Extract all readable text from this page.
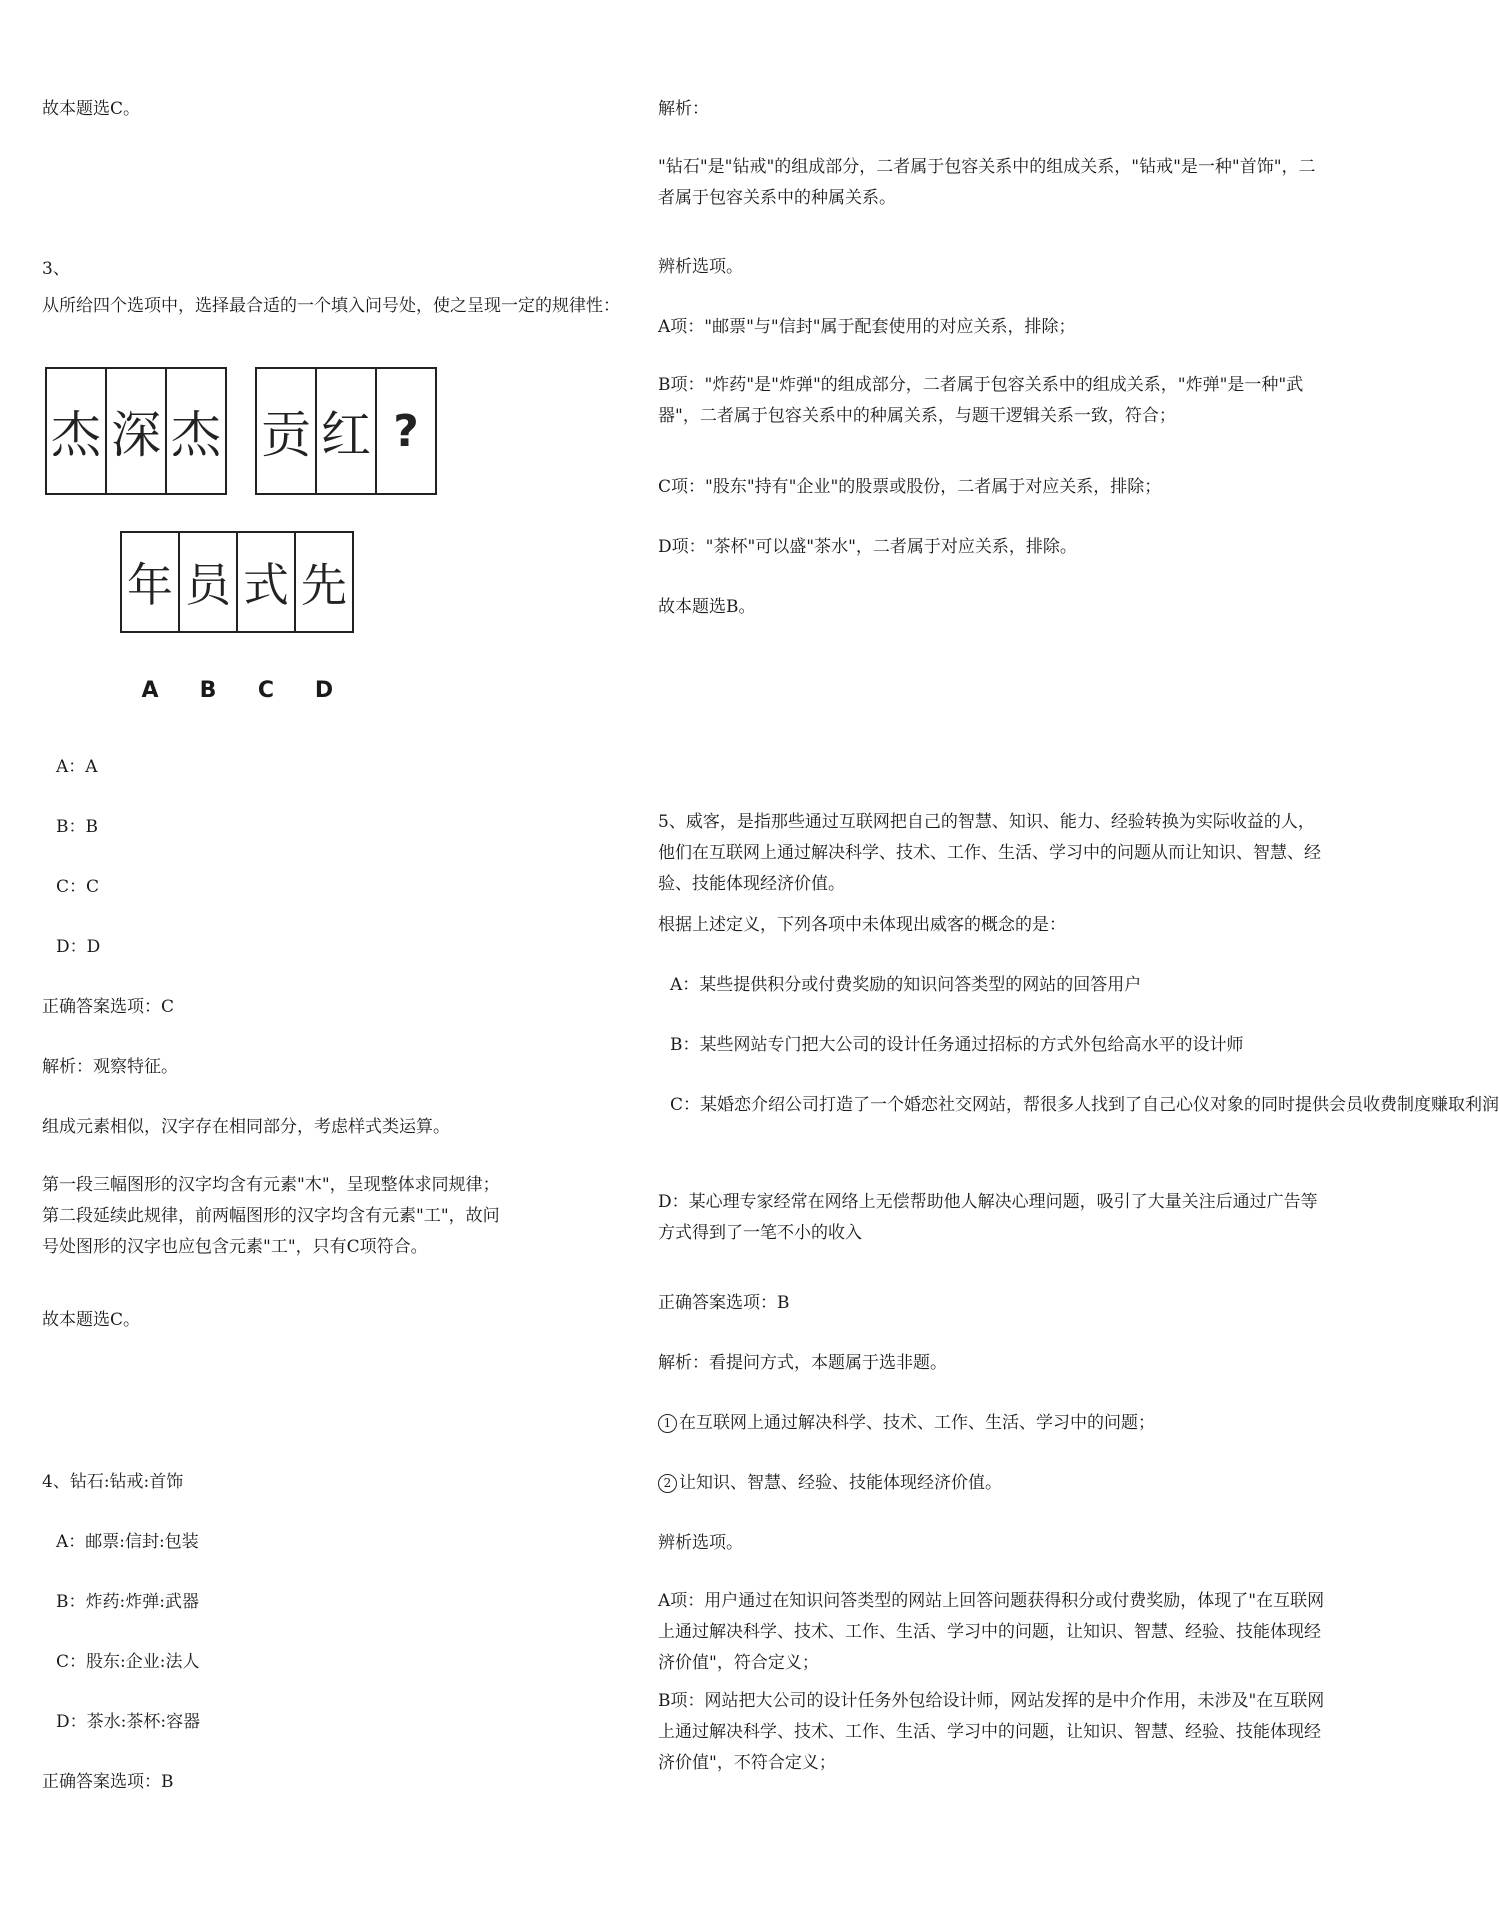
故本题选C。
3、
从所给四个选项中，选择最合适的一个填入问号处，使之呈现一定的规律性：
杰 深 杰 贡 红 ?
年 员 式 先
A	B	C	D
A：A
B：B
C：C
D：D
正确答案选项：C
解析：观察特征。
组成元素相似，汉字存在相同部分，考虑样式类运算。
第一段三幅图形的汉字均含有元素"木"，呈现整体求同规律；第二段延续此规律，前两幅图形的汉字均含有元素"工"，故问号处图形的汉字也应包含元素"工"，只有C项符合。
故本题选C。
4、钻石:钻戒:首饰
A：邮票:信封:包装
B：炸药:炸弹:武器
C：股东:企业:法人
D：茶水:茶杯:容器
正确答案选项：B
解析：
"钻石"是"钻戒"的组成部分，二者属于包容关系中的组成关系，"钻戒"是一种"首饰"，二者属于包容关系中的种属关系。
辨析选项。
A项："邮票"与"信封"属于配套使用的对应关系，排除；
B项："炸药"是"炸弹"的组成部分，二者属于包容关系中的组成关系，"炸弹"是一种"武器"，二者属于包容关系中的种属关系，与题干逻辑关系一致，符合；
C项："股东"持有"企业"的股票或股份，二者属于对应关系，排除；
D项："茶杯"可以盛"茶水"，二者属于对应关系，排除。
故本题选B。
5、威客，是指那些通过互联网把自己的智慧、知识、能力、经验转换为实际收益的人，他们在互联网上通过解决科学、技术、工作、生活、学习中的问题从而让知识、智慧、经验、技能体现经济价值。
根据上述定义，下列各项中未体现出威客的概念的是：
A：某些提供积分或付费奖励的知识问答类型的网站的回答用户
B：某些网站专门把大公司的设计任务通过招标的方式外包给高水平的设计师
C：某婚恋介绍公司打造了一个婚恋社交网站，帮很多人找到了自己心仪对象的同时提供会员收费制度赚取利润
D：某心理专家经常在网络上无偿帮助他人解决心理问题，吸引了大量关注后通过广告等方式得到了一笔不小的收入
正确答案选项：B
解析：看提问方式，本题属于选非题。
1 在互联网上通过解决科学、技术、工作、生活、学习中的问题；
2 让知识、智慧、经验、技能体现经济价值。
辨析选项。
A项：用户通过在知识问答类型的网站上回答问题获得积分或付费奖励，体现了"在互联网上通过解决科学、技术、工作、生活、学习中的问题，让知识、智慧、经验、技能体现经济价值"，符合定义；
B项：网站把大公司的设计任务外包给设计师，网站发挥的是中介作用，未涉及"在互联网上通过解决科学、技术、工作、生活、学习中的问题，让知识、智慧、经验、技能体现经济价值"，不符合定义；
